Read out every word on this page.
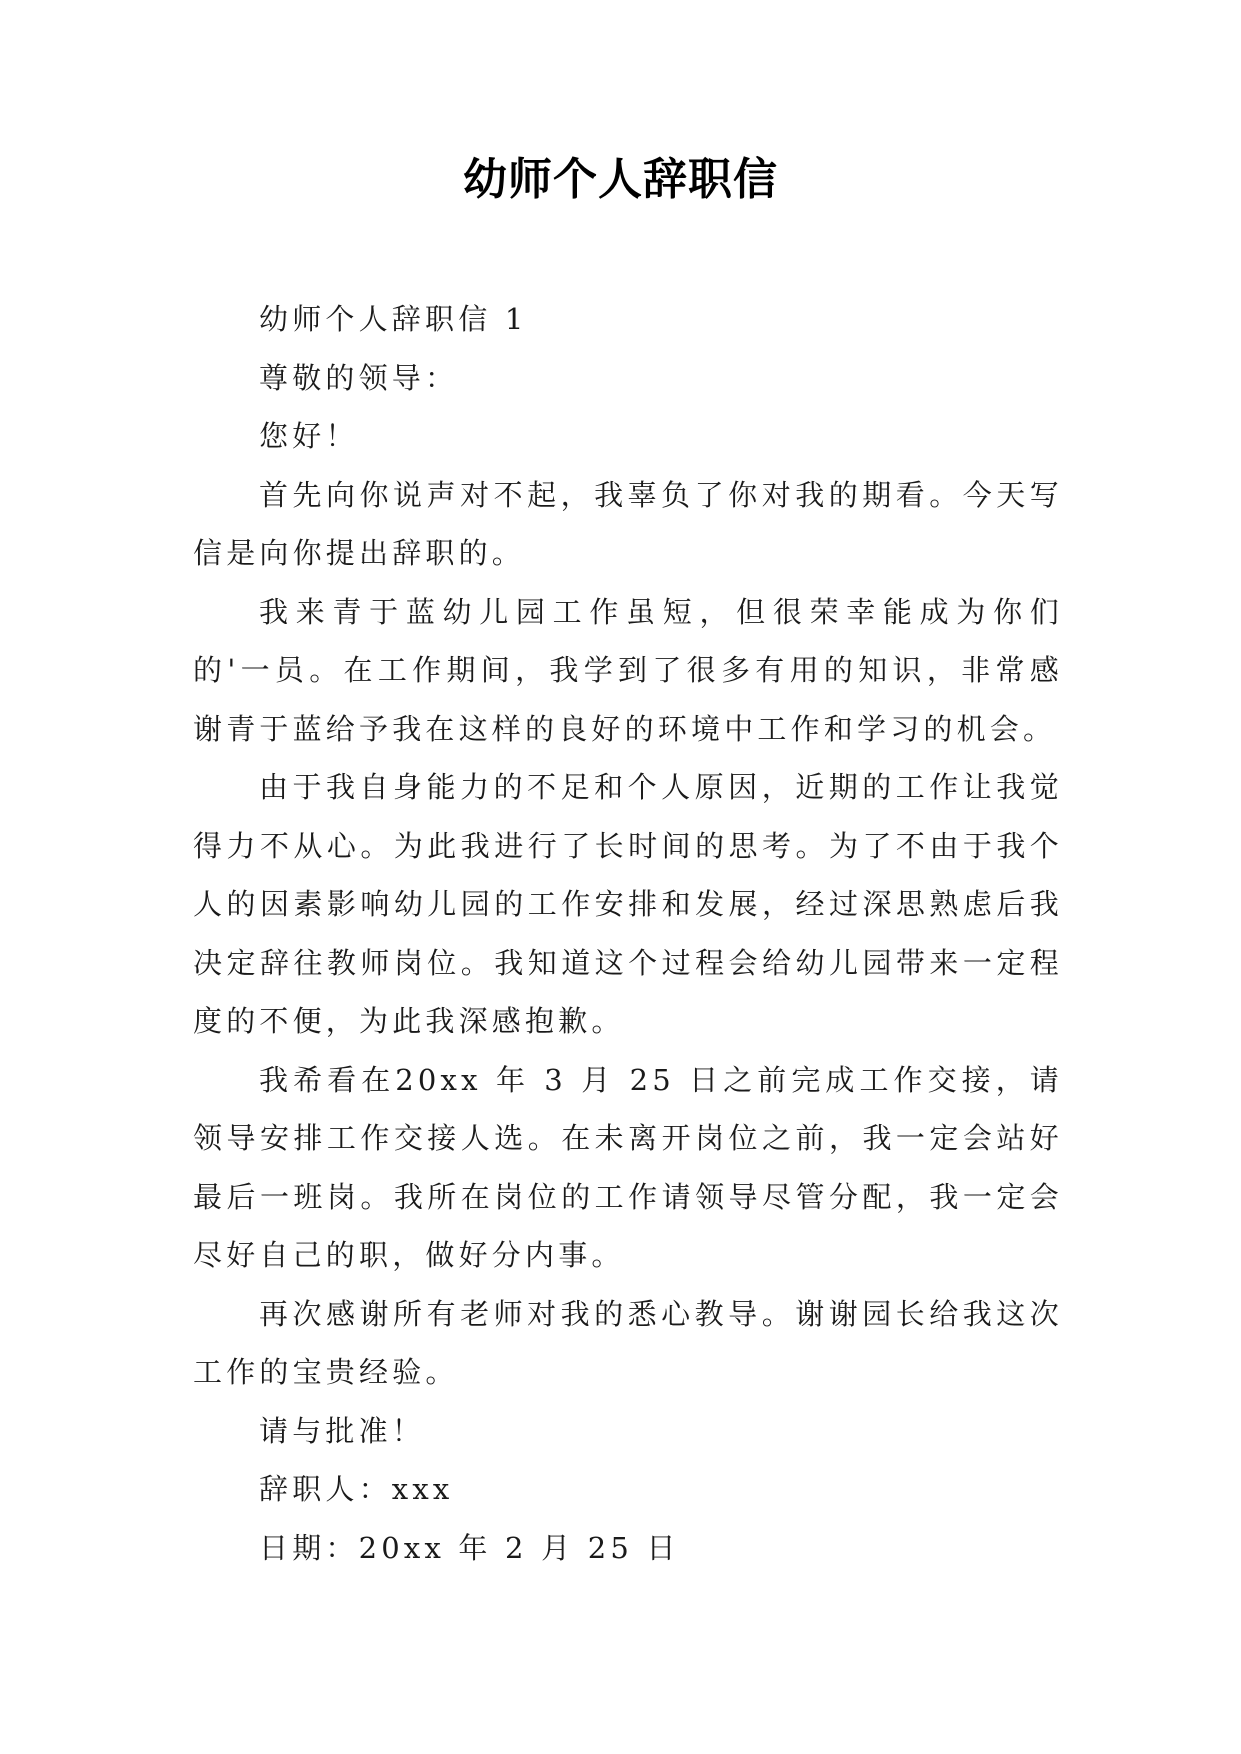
幼师个人辞职信

幼师个人辞职信 1

尊敬的领导：

您好！

首先向你说声对不起，我辜负了你对我的期看。今天写信是向你提出辞职的。

我来青于蓝幼儿园工作虽短，但很荣幸能成为你们的'一员。在工作期间，我学到了很多有用的知识，非常感谢青于蓝给予我在这样的良好的环境中工作和学习的机会。

由于我自身能力的不足和个人原因，近期的工作让我觉得力不从心。为此我进行了长时间的思考。为了不由于我个人的因素影响幼儿园的工作安排和发展，经过深思熟虑后我决定辞往教师岗位。我知道这个过程会给幼儿园带来一定程度的不便，为此我深感抱歉。

我希看在20xx 年 3 月 25 日之前完成工作交接，请领导安排工作交接人选。在未离开岗位之前，我一定会站好最后一班岗。我所在岗位的工作请领导尽管分配，我一定会尽好自己的职，做好分内事。

再次感谢所有老师对我的悉心教导。谢谢园长给我这次工作的宝贵经验。

请与批准！

辞职人：xxx

日期：20xx 年 2 月 25 日
